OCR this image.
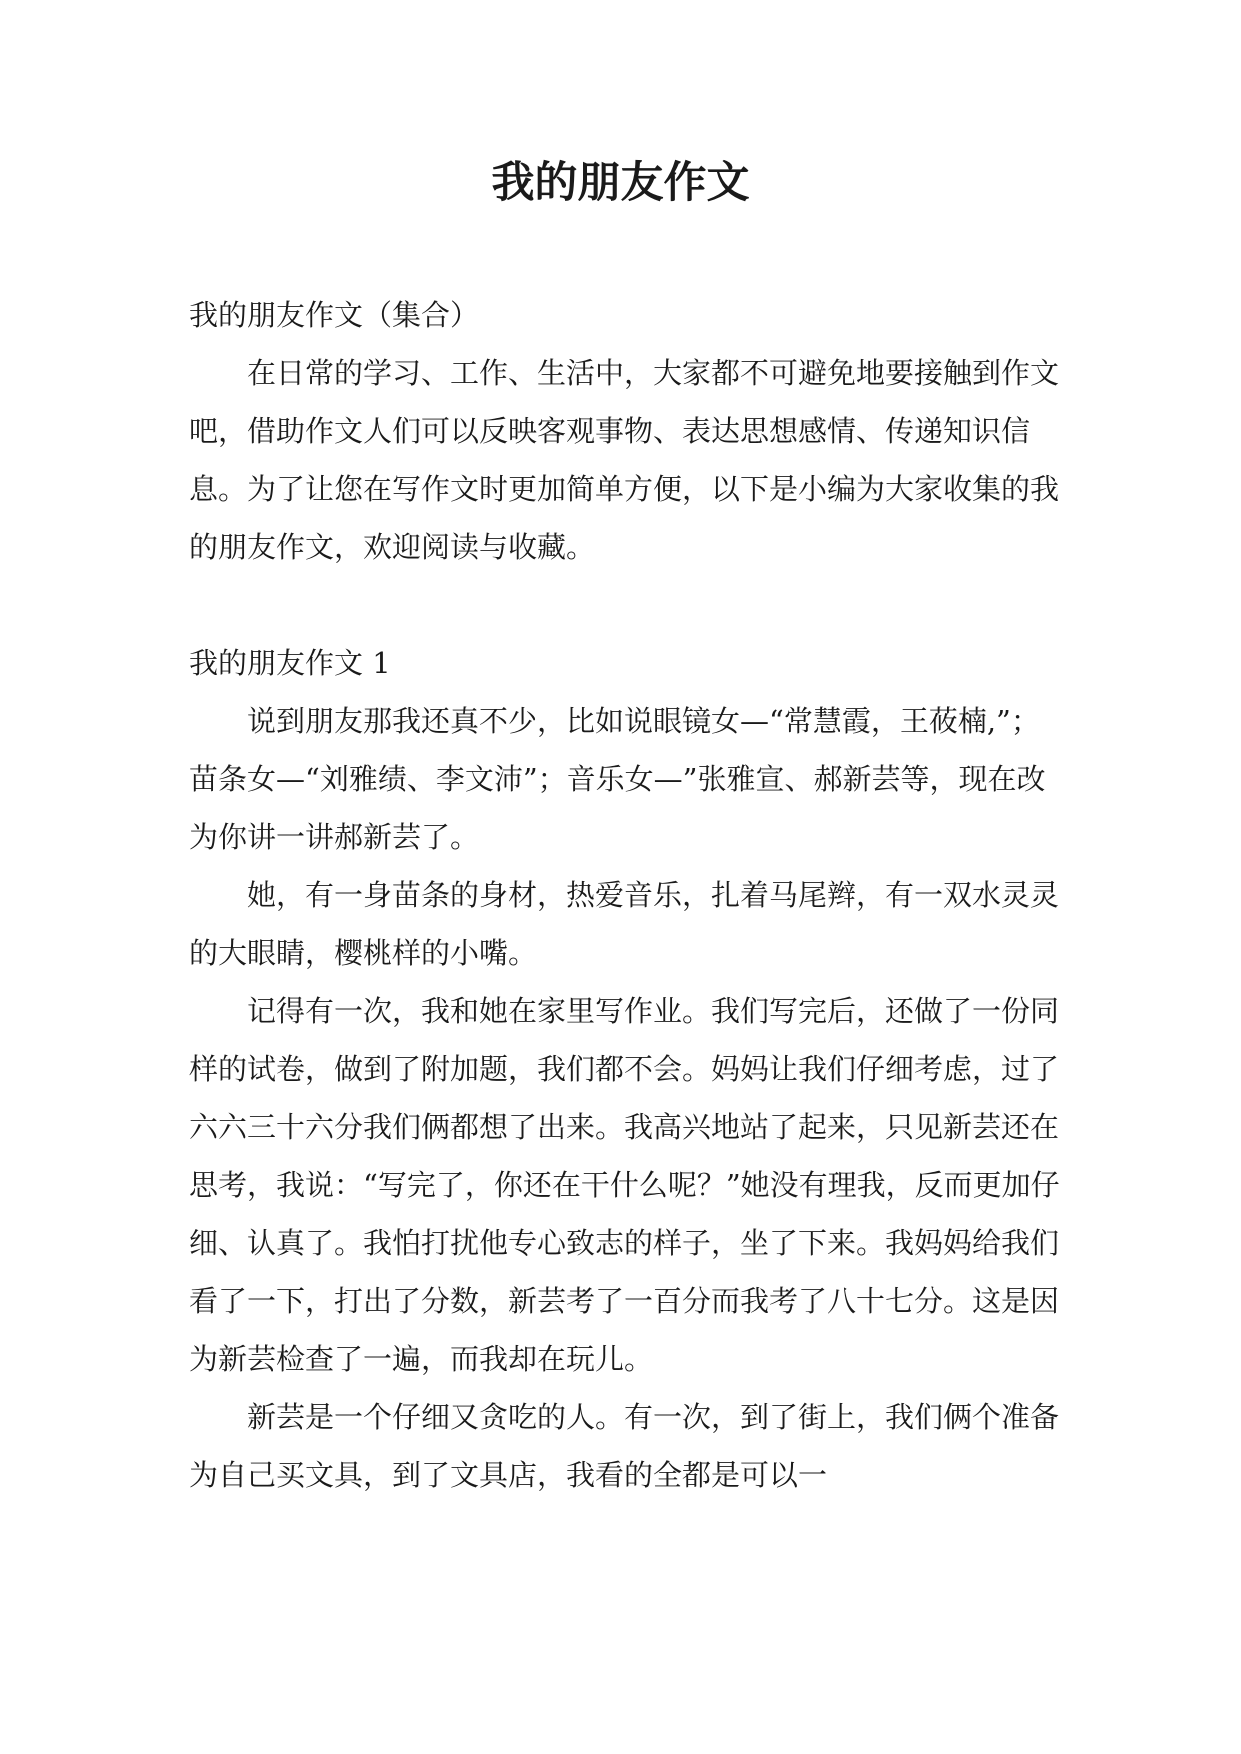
我的朋友作文

我的朋友作文（集合）

在日常的学习、工作、生活中，大家都不可避免地要接触到作文吧，借助作文人们可以反映客观事物、表达思想感情、传递知识信息。为了让您在写作文时更加简单方便，以下是小编为大家收集的我的朋友作文，欢迎阅读与收藏。

我的朋友作文 1

说到朋友那我还真不少，比如说眼镜女—“常慧霞，王莜楠,”；苗条女—“刘雅绩、李文沛”；音乐女—”张雅宣、郝新芸等，现在改为你讲一讲郝新芸了。

她，有一身苗条的身材，热爱音乐，扎着马尾辫，有一双水灵灵的大眼睛，樱桃样的小嘴。

记得有一次，我和她在家里写作业。我们写完后，还做了一份同样的试卷，做到了附加题，我们都不会。妈妈让我们仔细考虑，过了六六三十六分我们俩都想了出来。我高兴地站了起来，只见新芸还在思考，我说：“写完了，你还在干什么呢？”她没有理我，反而更加仔细、认真了。我怕打扰他专心致志的样子，坐了下来。我妈妈给我们看了一下，打出了分数，新芸考了一百分而我考了八十七分。这是因为新芸检查了一遍，而我却在玩儿。

新芸是一个仔细又贪吃的人。有一次，到了街上，我们俩个准备为自己买文具，到了文具店，我看的全都是可以一
